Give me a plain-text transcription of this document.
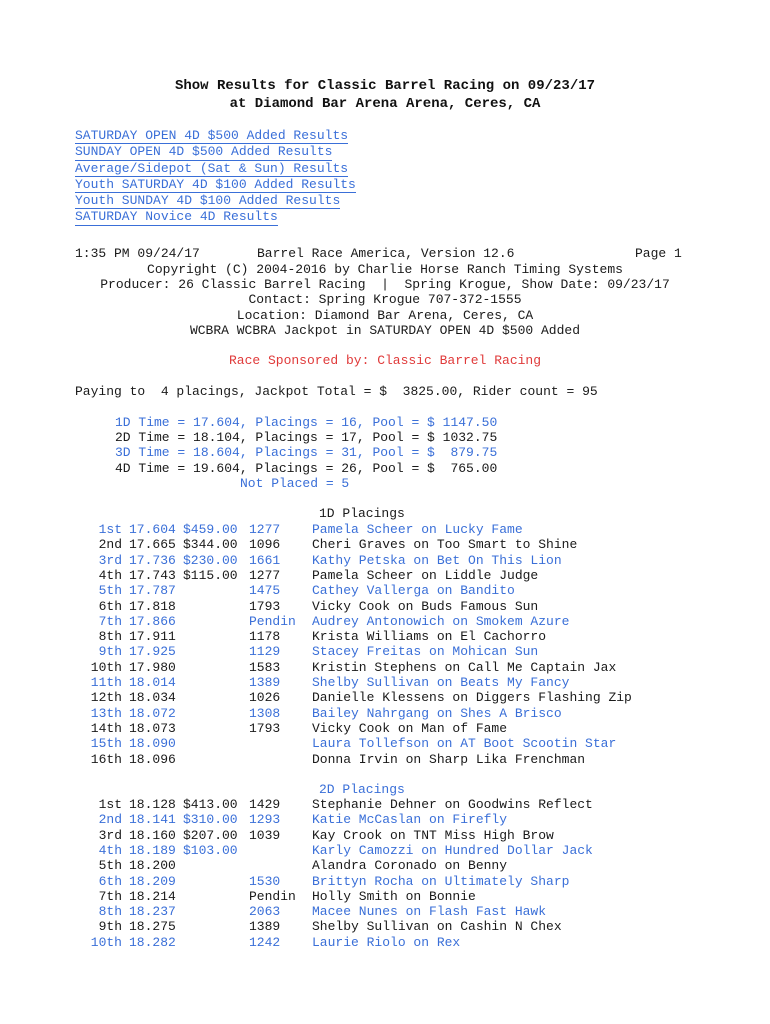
Show Results for Classic Barrel Racing on 09/23/17
at Diamond Bar Arena Arena, Ceres, CA
SATURDAY OPEN 4D $500 Added Results
SUNDAY OPEN 4D $500 Added Results
Average/Sidepot (Sat & Sun) Results
Youth SATURDAY 4D $100 Added Results
Youth SUNDAY 4D $100 Added Results
SATURDAY Novice 4D Results
1:35 PM 09/24/17	Barrel Race America, Version 12.6	Page 1
Copyright (C) 2004-2016 by Charlie Horse Ranch Timing Systems
Producer: 26 Classic Barrel Racing  |  Spring Krogue, Show Date: 09/23/17
Contact: Spring Krogue 707-372-1555
Location: Diamond Bar Arena, Ceres, CA
WCBRA WCBRA Jackpot in SATURDAY OPEN 4D $500 Added
Race Sponsored by: Classic Barrel Racing
Paying to  4 placings, Jackpot Total = $  3825.00, Rider count = 95
1D Time = 17.604, Placings = 16, Pool = $ 1147.50
2D Time = 18.104, Placings = 17, Pool = $ 1032.75
3D Time = 18.604, Placings = 31, Pool = $  879.75
4D Time = 19.604, Placings = 26, Pool = $  765.00
Not Placed = 5
1D Placings
1st 17.604 $459.00 1277 Pamela Scheer on Lucky Fame
2nd 17.665 $344.00 1096 Cheri Graves on Too Smart to Shine
3rd 17.736 $230.00 1661 Kathy Petska on Bet On This Lion
4th 17.743 $115.00 1277 Pamela Scheer on Liddle Judge
5th 17.787	1475 Cathey Vallerga on Bandito
6th 17.818	1793 Vicky Cook on Buds Famous Sun
7th 17.866	Pendin Audrey Antonowich on Smokem Azure
8th 17.911	1178 Krista Williams on El Cachorro
9th 17.925	1129 Stacey Freitas on Mohican Sun
10th 17.980	1583 Kristin Stephens on Call Me Captain Jax
11th 18.014	1389 Shelby Sullivan on Beats My Fancy
12th 18.034	1026 Danielle Klessens on Diggers Flashing Zip
13th 18.072	1308 Bailey Nahrgang on Shes A Brisco
14th 18.073	1793 Vicky Cook on Man of Fame
15th 18.090	Laura Tollefson on AT Boot Scootin Star
16th 18.096	Donna Irvin on Sharp Lika Frenchman
2D Placings
1st 18.128 $413.00 1429 Stephanie Dehner on Goodwins Reflect
2nd 18.141 $310.00 1293 Katie McCaslan on Firefly
3rd 18.160 $207.00 1039 Kay Crook on TNT Miss High Brow
4th 18.189 $103.00	Karly Camozzi on Hundred Dollar Jack
5th 18.200	Alandra Coronado on Benny
6th 18.209	1530 Brittyn Rocha on Ultimately Sharp
7th 18.214	Pendin Holly Smith on Bonnie
8th 18.237	2063 Macee Nunes on Flash Fast Hawk
9th 18.275	1389 Shelby Sullivan on Cashin N Chex
10th 18.282	1242 Laurie Riolo on Rex
